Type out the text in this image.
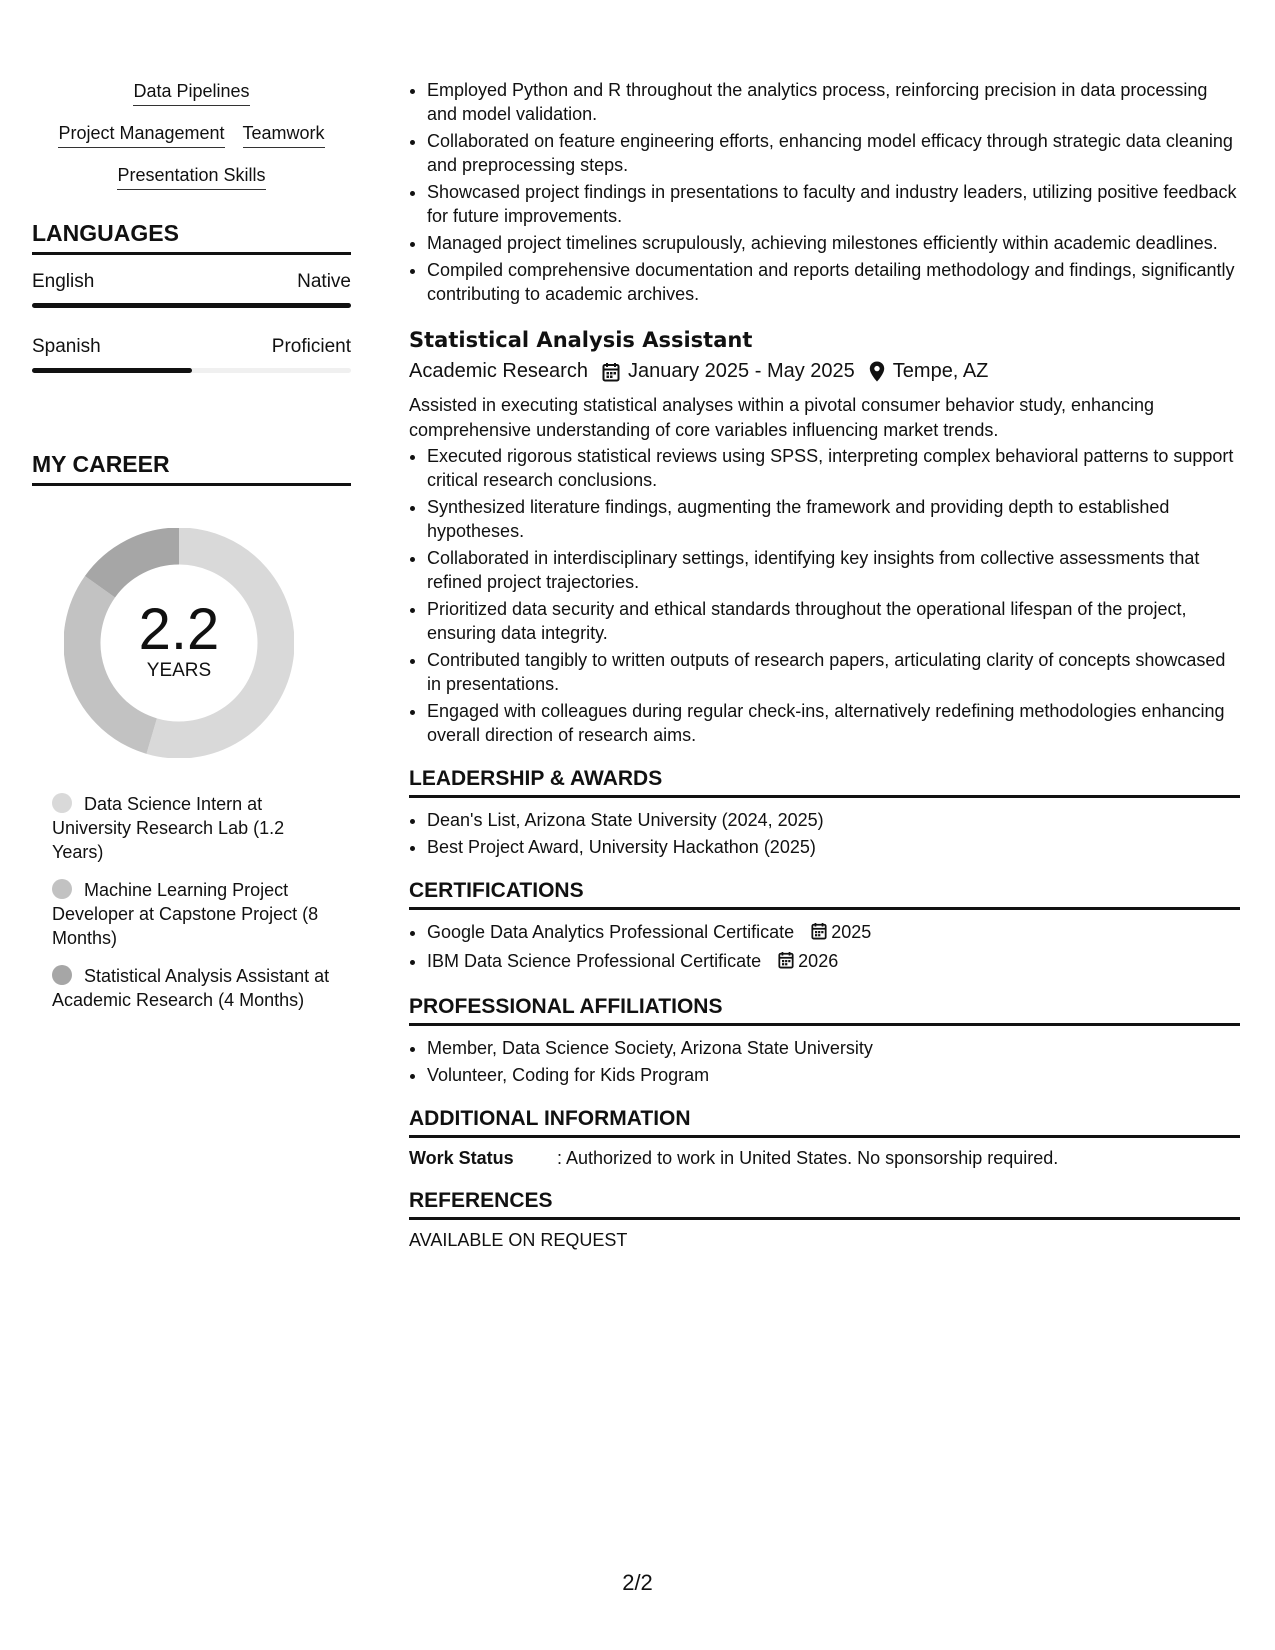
Data Pipelines
Project Management Teamwork
Presentation Skills
LANGUAGES
English	Native
Spanish	Proficient
MY CAREER
2.2
YEARS
Data Science Intern at University Research Lab (1.2 Years)
Machine Learning Project Developer at Capstone Project (8 Months)
Statistical Analysis Assistant at Academic Research (4 Months)
• Employed Python and R throughout the analytics process, reinforcing precision in data processing and model validation.
• Collaborated on feature engineering efforts, enhancing model efficacy through strategic data cleaning and preprocessing steps.
• Showcased project findings in presentations to faculty and industry leaders, utilizing positive feedback for future improvements.
• Managed project timelines scrupulously, achieving milestones efficiently within academic deadlines.
• Compiled comprehensive documentation and reports detailing methodology and findings, significantly contributing to academic archives.
Statistical Analysis Assistant
Academic Research January 2025 - May 2025 Tempe, AZ
Assisted in executing statistical analyses within a pivotal consumer behavior study, enhancing comprehensive understanding of core variables influencing market trends.
• Executed rigorous statistical reviews using SPSS, interpreting complex behavioral patterns to support critical research conclusions.
• Synthesized literature findings, augmenting the framework and providing depth to established hypotheses.
• Collaborated in interdisciplinary settings, identifying key insights from collective assessments that refined project trajectories.
• Prioritized data security and ethical standards throughout the operational lifespan of the project, ensuring data integrity.
• Contributed tangibly to written outputs of research papers, articulating clarity of concepts showcased in presentations.
• Engaged with colleagues during regular check-ins, alternatively redefining methodologies enhancing overall direction of research aims.
LEADERSHIP & AWARDS
• Dean's List, Arizona State University (2024, 2025)
• Best Project Award, University Hackathon (2025)
CERTIFICATIONS
• Google Data Analytics Professional Certificate 2025
• IBM Data Science Professional Certificate 2026
PROFESSIONAL AFFILIATIONS
• Member, Data Science Society, Arizona State University
• Volunteer, Coding for Kids Program
ADDITIONAL INFORMATION
Work Status	: Authorized to work in United States. No sponsorship required.
REFERENCES
AVAILABLE ON REQUEST
2/2
